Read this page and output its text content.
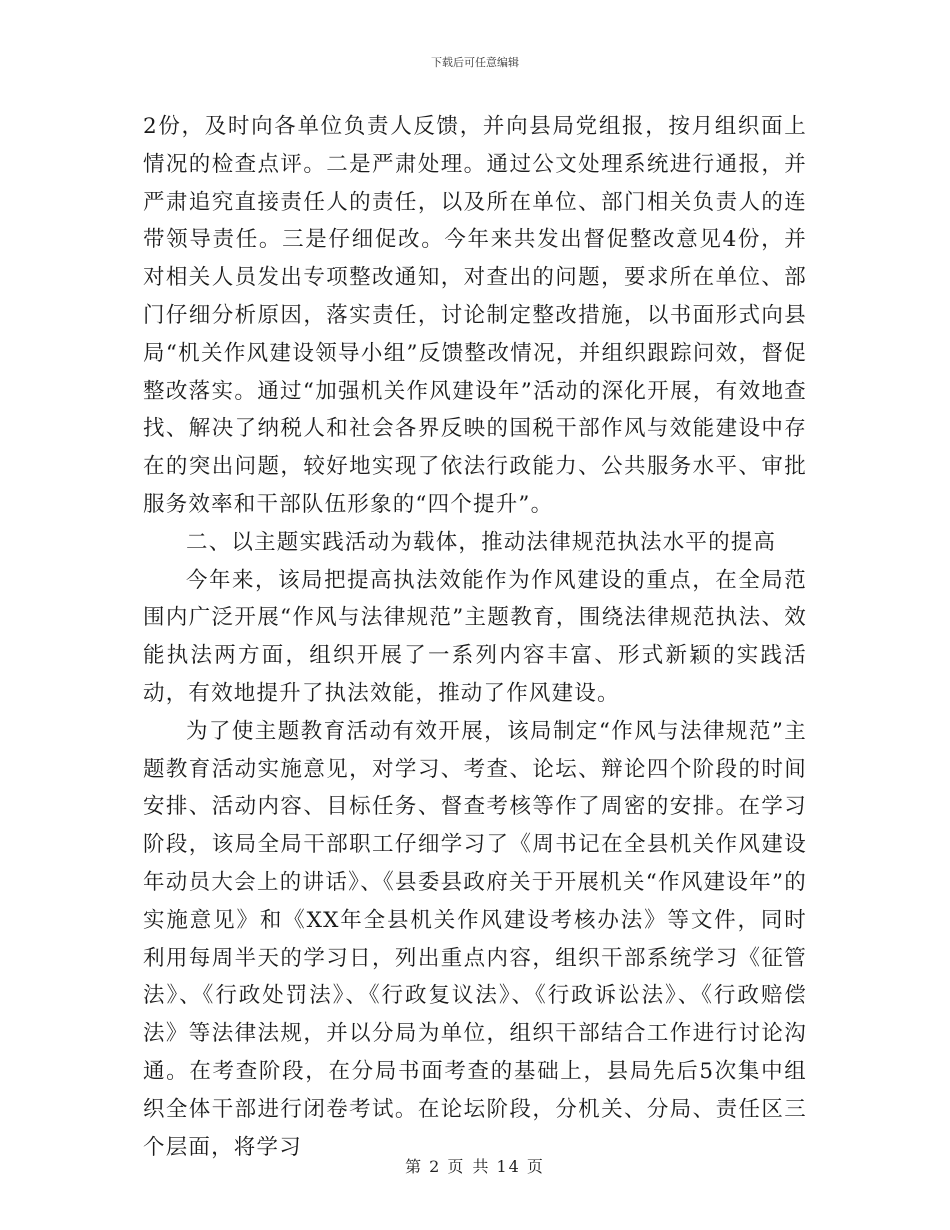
下载后可任意编辑

2份，及时向各单位负责人反馈，并向县局党组报，按月组织面上情况的检查点评。二是严肃处理。通过公文处理系统进行通报，并严肃追究直接责任人的责任，以及所在单位、部门相关负责人的连带领导责任。三是仔细促改。今年来共发出督促整改意见4份，并对相关人员发出专项整改通知，对查出的问题，要求所在单位、部门仔细分析原因，落实责任，讨论制定整改措施，以书面形式向县局“机关作风建设领导小组”反馈整改情况，并组织跟踪问效，督促整改落实。通过“加强机关作风建设年”活动的深化开展，有效地查找、解决了纳税人和社会各界反映的国税干部作风与效能建设中存在的突出问题，较好地实现了依法行政能力、公共服务水平、审批服务效率和干部队伍形象的“四个提升”。

二、以主题实践活动为载体，推动法律规范执法水平的提高

今年来，该局把提高执法效能作为作风建设的重点，在全局范围内广泛开展“作风与法律规范”主题教育，围绕法律规范执法、效能执法两方面，组织开展了一系列内容丰富、形式新颖的实践活动，有效地提升了执法效能，推动了作风建设。

为了使主题教育活动有效开展，该局制定“作风与法律规范”主题教育活动实施意见，对学习、考查、论坛、辩论四个阶段的时间安排、活动内容、目标任务、督查考核等作了周密的安排。在学习阶段，该局全局干部职工仔细学习了《周书记在全县机关作风建设年动员大会上的讲话》、《县委县政府关于开展机关“作风建设年”的实施意见》和《XX年全县机关作风建设考核办法》等文件，同时利用每周半天的学习日，列出重点内容，组织干部系统学习《征管法》、《行政处罚法》、《行政复议法》、《行政诉讼法》、《行政赔偿法》等法律法规，并以分局为单位，组织干部结合工作进行讨论沟通。在考查阶段，在分局书面考查的基础上，县局先后5次集中组织全体干部进行闭卷考试。在论坛阶段，分机关、分局、责任区三个层面，将学习

第 2 页 共 14 页
